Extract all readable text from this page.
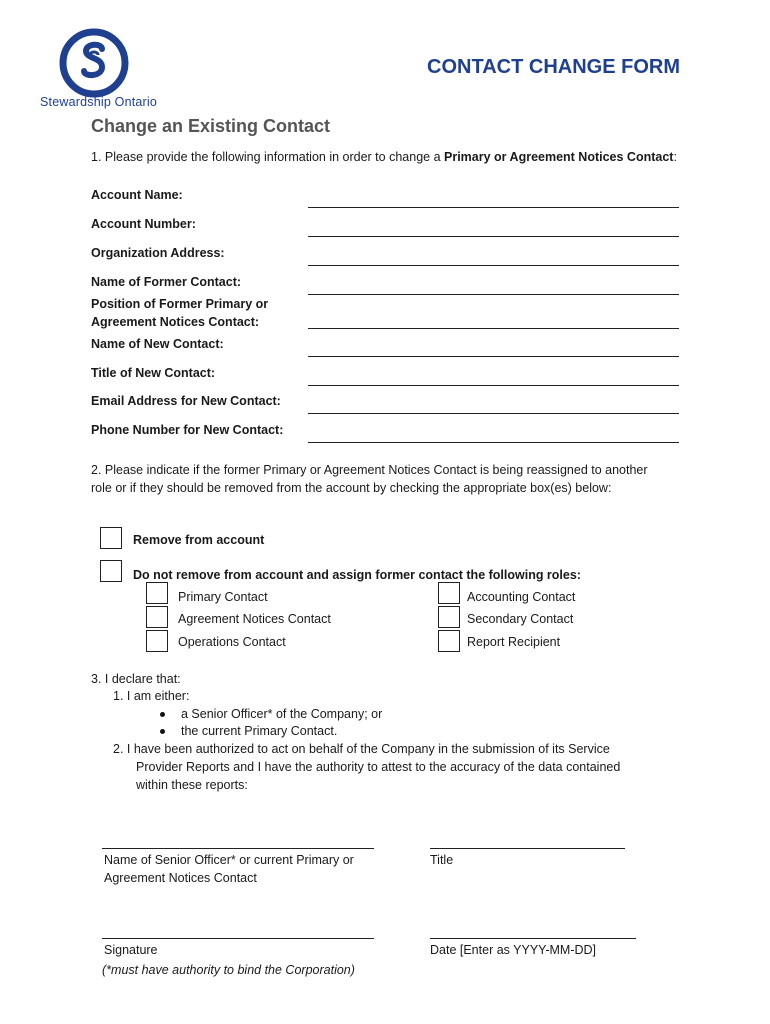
Stewardship Ontario
CONTACT CHANGE FORM
Change an Existing Contact
1. Please provide the following information in order to change a Primary or Agreement Notices Contact:
Account Name:
Account Number:
Organization Address:
Name of Former Contact:
Position of Former Primary or
Agreement Notices Contact:
Name of New Contact:
Title of New Contact:
Email Address for New Contact:
Phone Number for New Contact:
2. Please indicate if the former Primary or Agreement Notices Contact is being reassigned to another
role or if they should be removed from the account by checking the appropriate box(es) below:
Remove from account
Do not remove from account and assign former contact the following roles:
Primary Contact
Agreement Notices Contact
Operations Contact
Accounting Contact
Secondary Contact
Report Recipient
3. I declare that:
1. I am either:
a Senior Officer* of the Company; or
the current Primary Contact.
2. I have been authorized to act on behalf of the Company in the submission of its Service
Provider Reports and I have the authority to attest to the accuracy of the data contained
within these reports:
Name of Senior Officer* or current Primary or
Agreement Notices Contact
Title
Signature
(*must have authority to bind the Corporation)
Date [Enter as YYYY-MM-DD]
